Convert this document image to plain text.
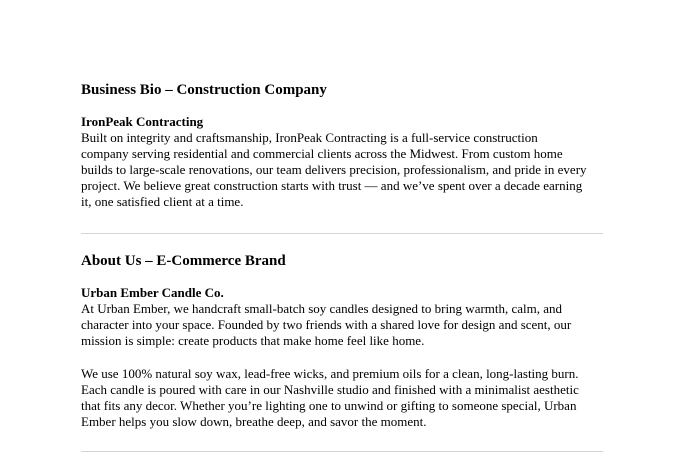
Business Bio – Construction Company
IronPeak Contracting
Built on integrity and craftsmanship, IronPeak Contracting is a full-service construction
company serving residential and commercial clients across the Midwest. From custom home
builds to large-scale renovations, our team delivers precision, professionalism, and pride in every
project. We believe great construction starts with trust — and we’ve spent over a decade earning
it, one satisfied client at a time.
About Us – E-Commerce Brand
Urban Ember Candle Co.
At Urban Ember, we handcraft small-batch soy candles designed to bring warmth, calm, and
character into your space. Founded by two friends with a shared love for design and scent, our
mission is simple: create products that make home feel like home.
We use 100% natural soy wax, lead-free wicks, and premium oils for a clean, long-lasting burn.
Each candle is poured with care in our Nashville studio and finished with a minimalist aesthetic
that fits any decor. Whether you’re lighting one to unwind or gifting to someone special, Urban
Ember helps you slow down, breathe deep, and savor the moment.
